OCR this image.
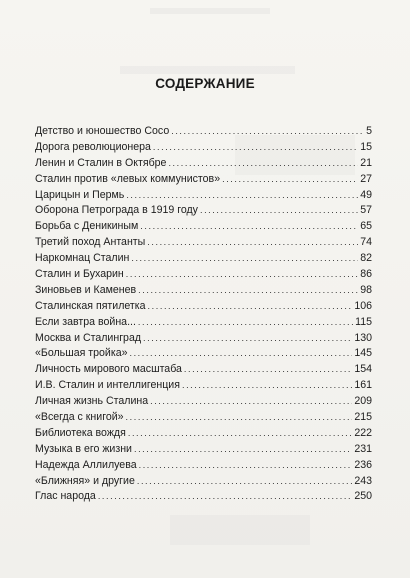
СОДЕРЖАНИЕ
Детство и юношество Сосо .....	5
Дорога революционера .....	15
Ленин и Сталин в Октябре .....	21
Сталин против «левых коммунистов» .....	27
Царицын и Пермь .....	49
Оборона Петрограда в 1919 году .....	57
Борьба с Деникиным .....	65
Третий поход Антанты .....	74
Наркомнац Сталин .....	82
Сталин и Бухарин .....	86
Зиновьев и Каменев .....	98
Сталинская пятилетка .....	106
Если завтра война... .....	115
Москва и Сталинград .....	130
«Большая тройка» .....	145
Личность мирового масштаба .....	154
И.В. Сталин и интеллигенция .....	161
Личная жизнь Сталина .....	209
«Всегда с книгой» .....	215
Библиотека вождя .....	222
Музыка в его жизни .....	231
Надежда Аллилуева .....	236
«Ближняя» и другие .....	243
Глас народа .....	250
